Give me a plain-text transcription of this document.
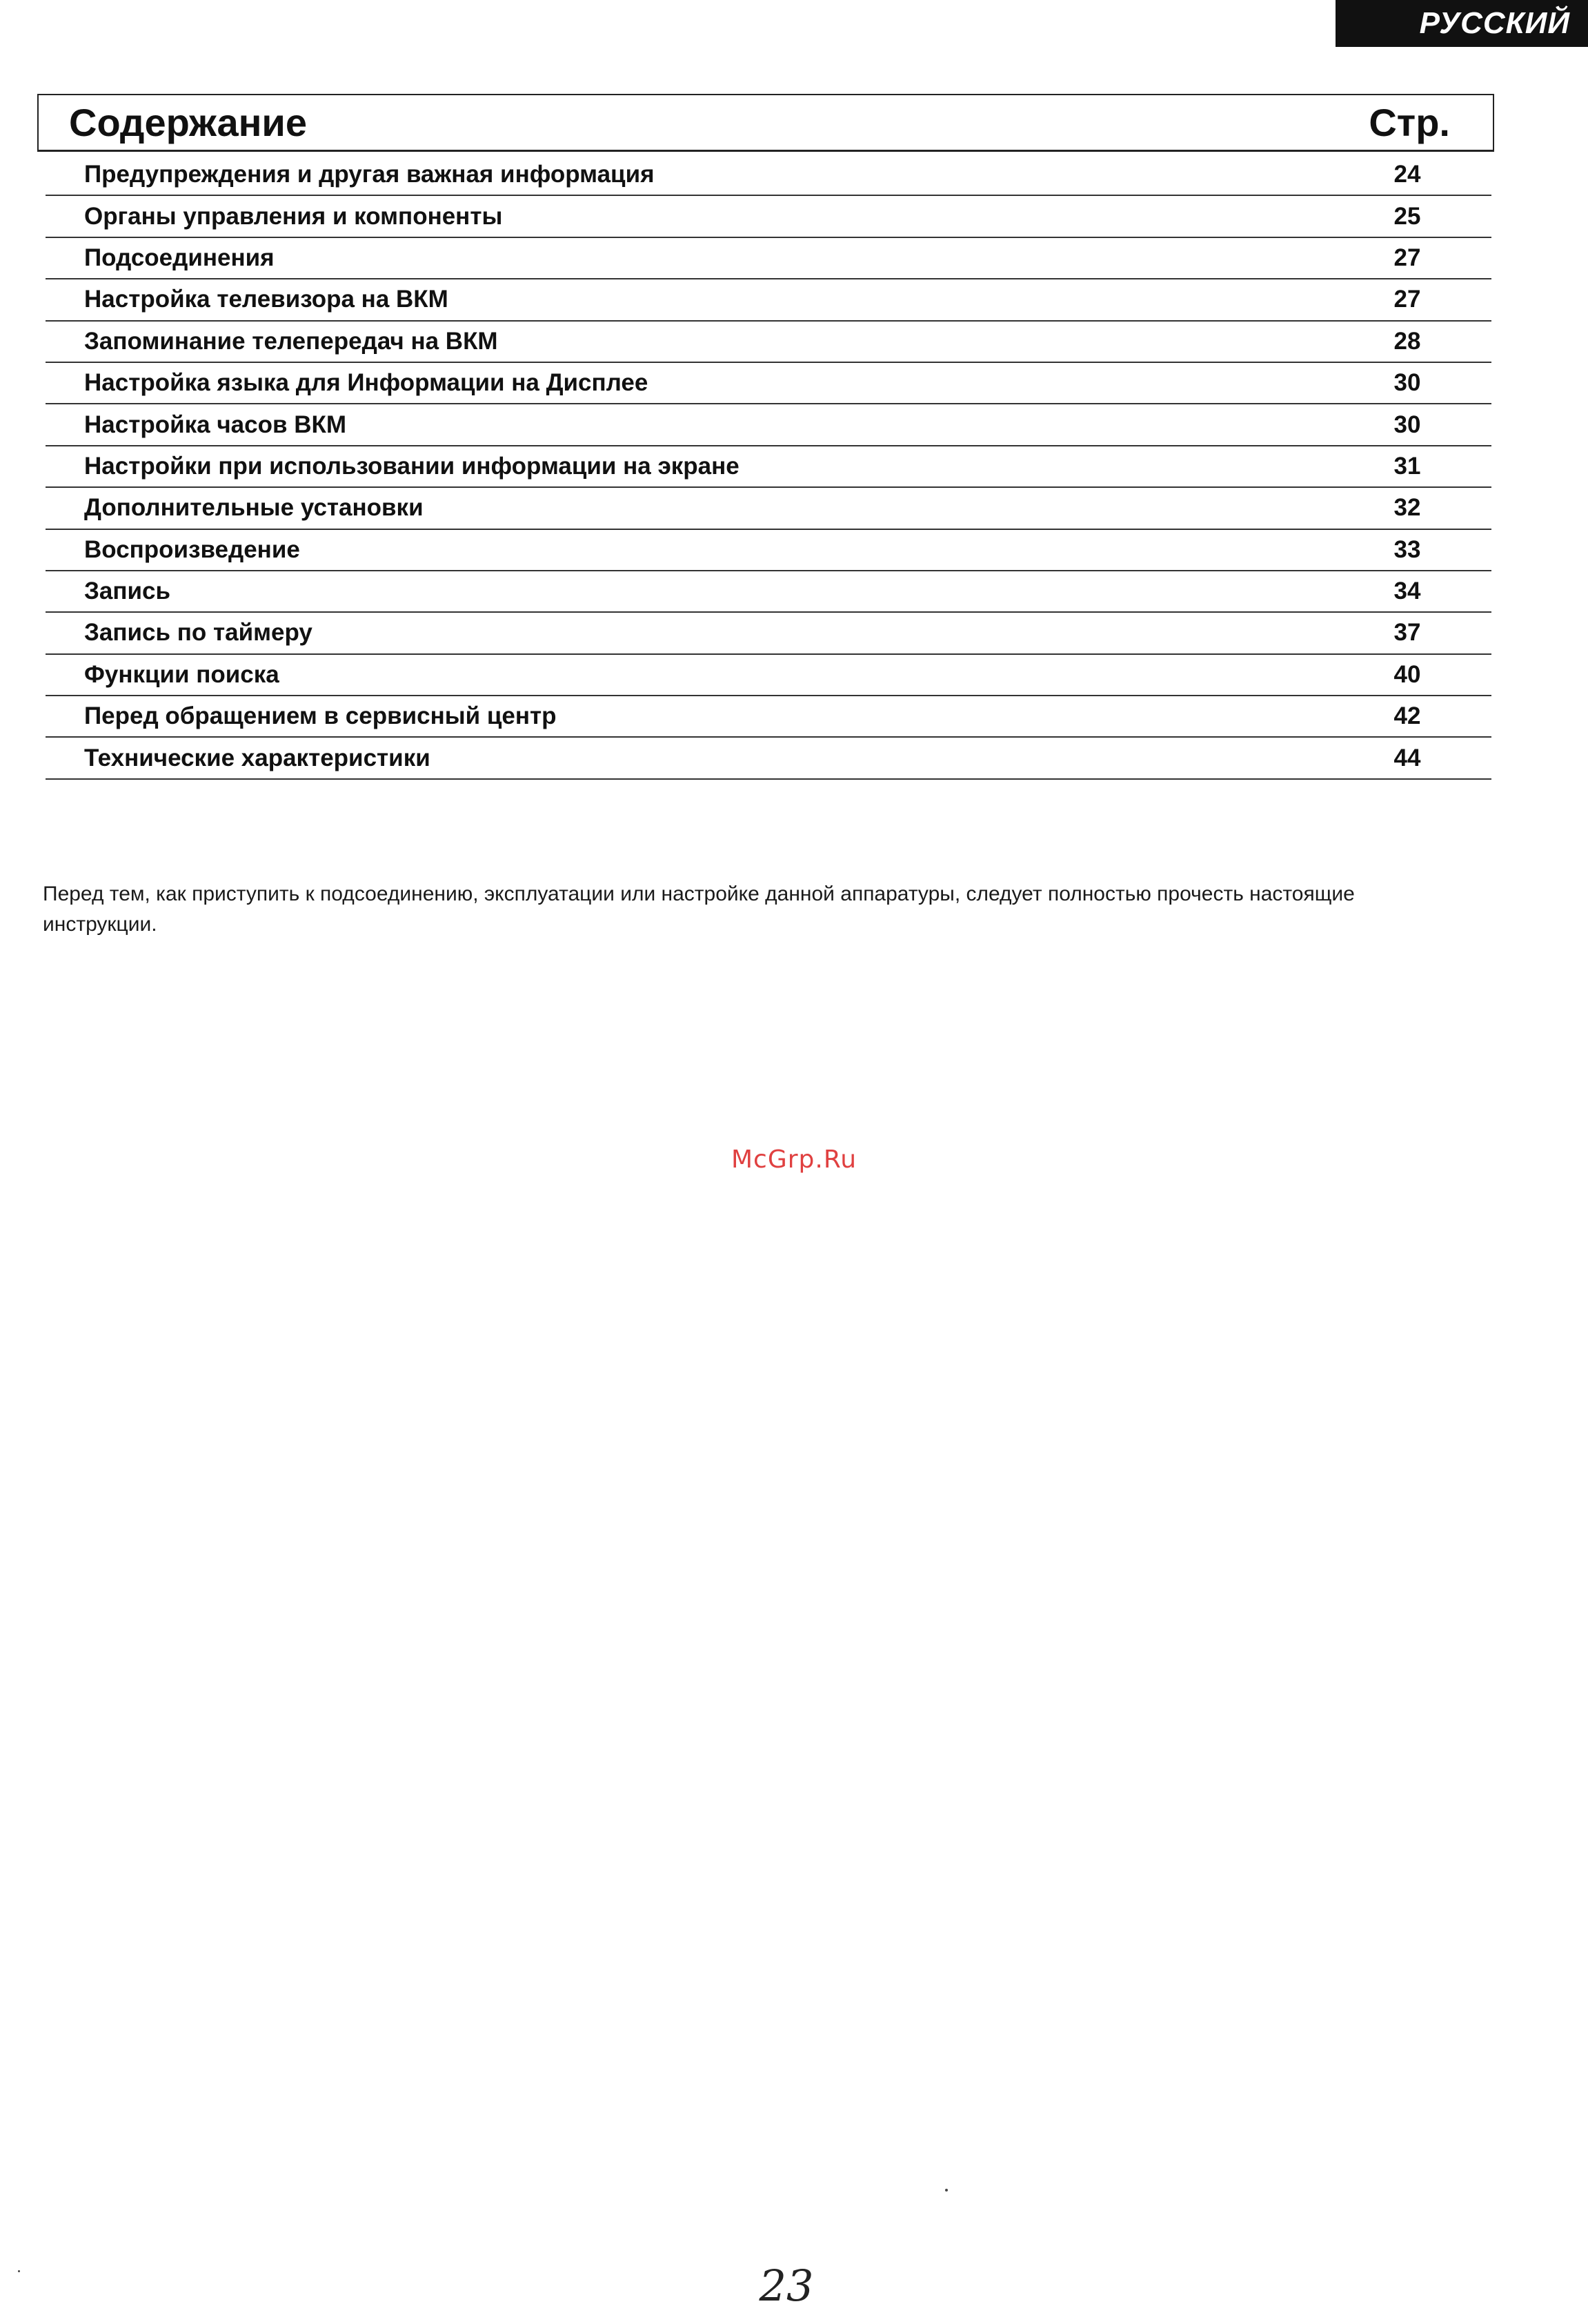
РУССКИЙ
Содержание	Стр.
Предупреждения и другая важная информация	24
Органы управления и компоненты	25
Подсоединения	27
Настройка телевизора на ВКМ	27
Запоминание телепередач на ВКМ	28
Настройка языка для Информации на Дисплее	30
Настройка часов ВКМ	30
Настройки при использовании информации на экране	31
Дополнительные установки	32
Воспроизведение	33
Запись	34
Запись по таймеру	37
Функции поиска	40
Перед обращением в сервисный центр	42
Технические характеристики	44

Перед тем, как приступить к подсоединению, эксплуатации или настройке данной аппаратуры, следует полностью прочесть настоящие инструкции.

McGrp.Ru
23
